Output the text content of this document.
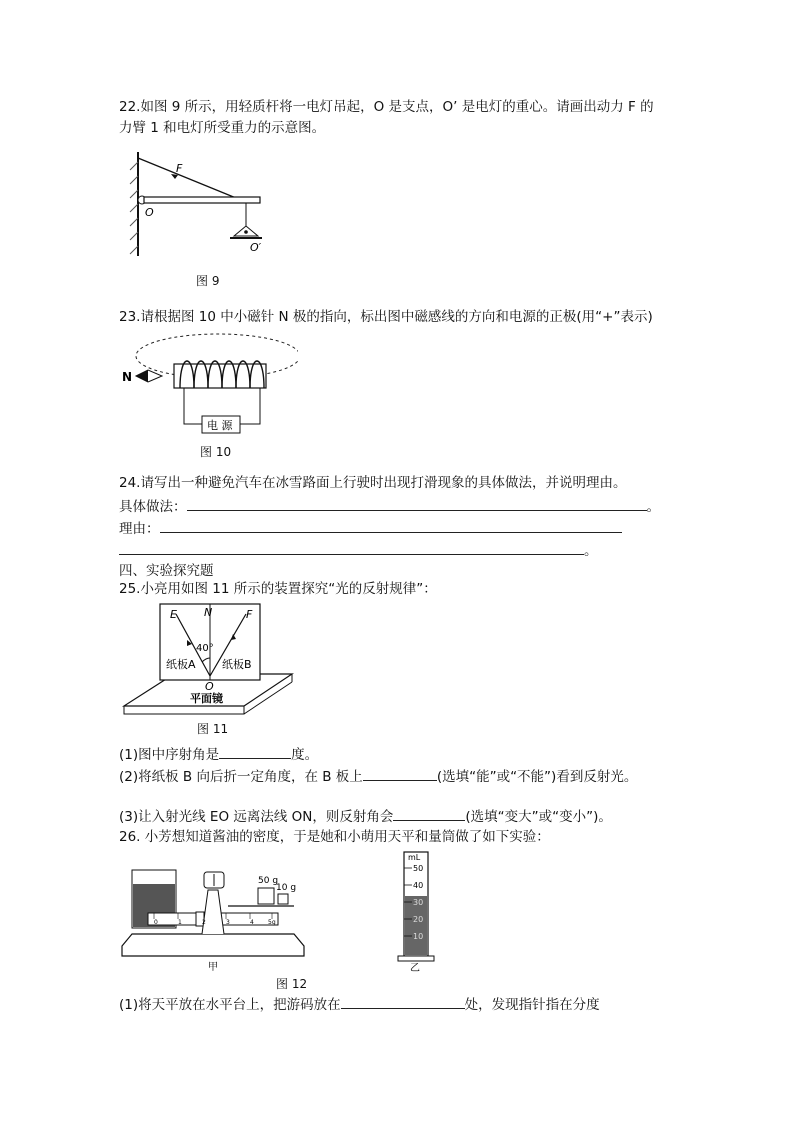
22.如图 9 所示，用轻质杆将一电灯吊起，O 是支点，O’ 是电灯的重心。请画出动力 F 的
力臂 1 和电灯所受重力的示意图。
F
O
O′
图 9
23.请根据图 10 中小磁针 N 极的指向，标出图中磁感线的方向和电源的正极(用“+”表示)
N
电 源
图 10
24.请写出一种避免汽车在冰雪路面上行驶时出现打滑现象的具体做法，并说明理由。
具体做法：	。
理由：
。
四、实验探究题
25.小亮用如图 11 所示的装置探究“光的反射规律”：
E N	F
40°
纸板A 纸板B
O
平面镜
图 11
(1)图中序射角是	度。
(2)将纸板 B 向后折一定角度，在 B 板上	(选填“能”或“不能”)看到反射光。
(3)让入射光线 EO 远离法线 ON，则反射角会	(选填“变大”或“变小”)。
26. 小芳想知道酱油的密度，于是她和小萌用天平和量筒做了如下实验：
50 g
10 g
0	1	2	3	4 5g
甲
mL
50
40
30
20
10
乙
图 12
(1)将天平放在水平台上，把游码放在	处，发现指针指在分度
